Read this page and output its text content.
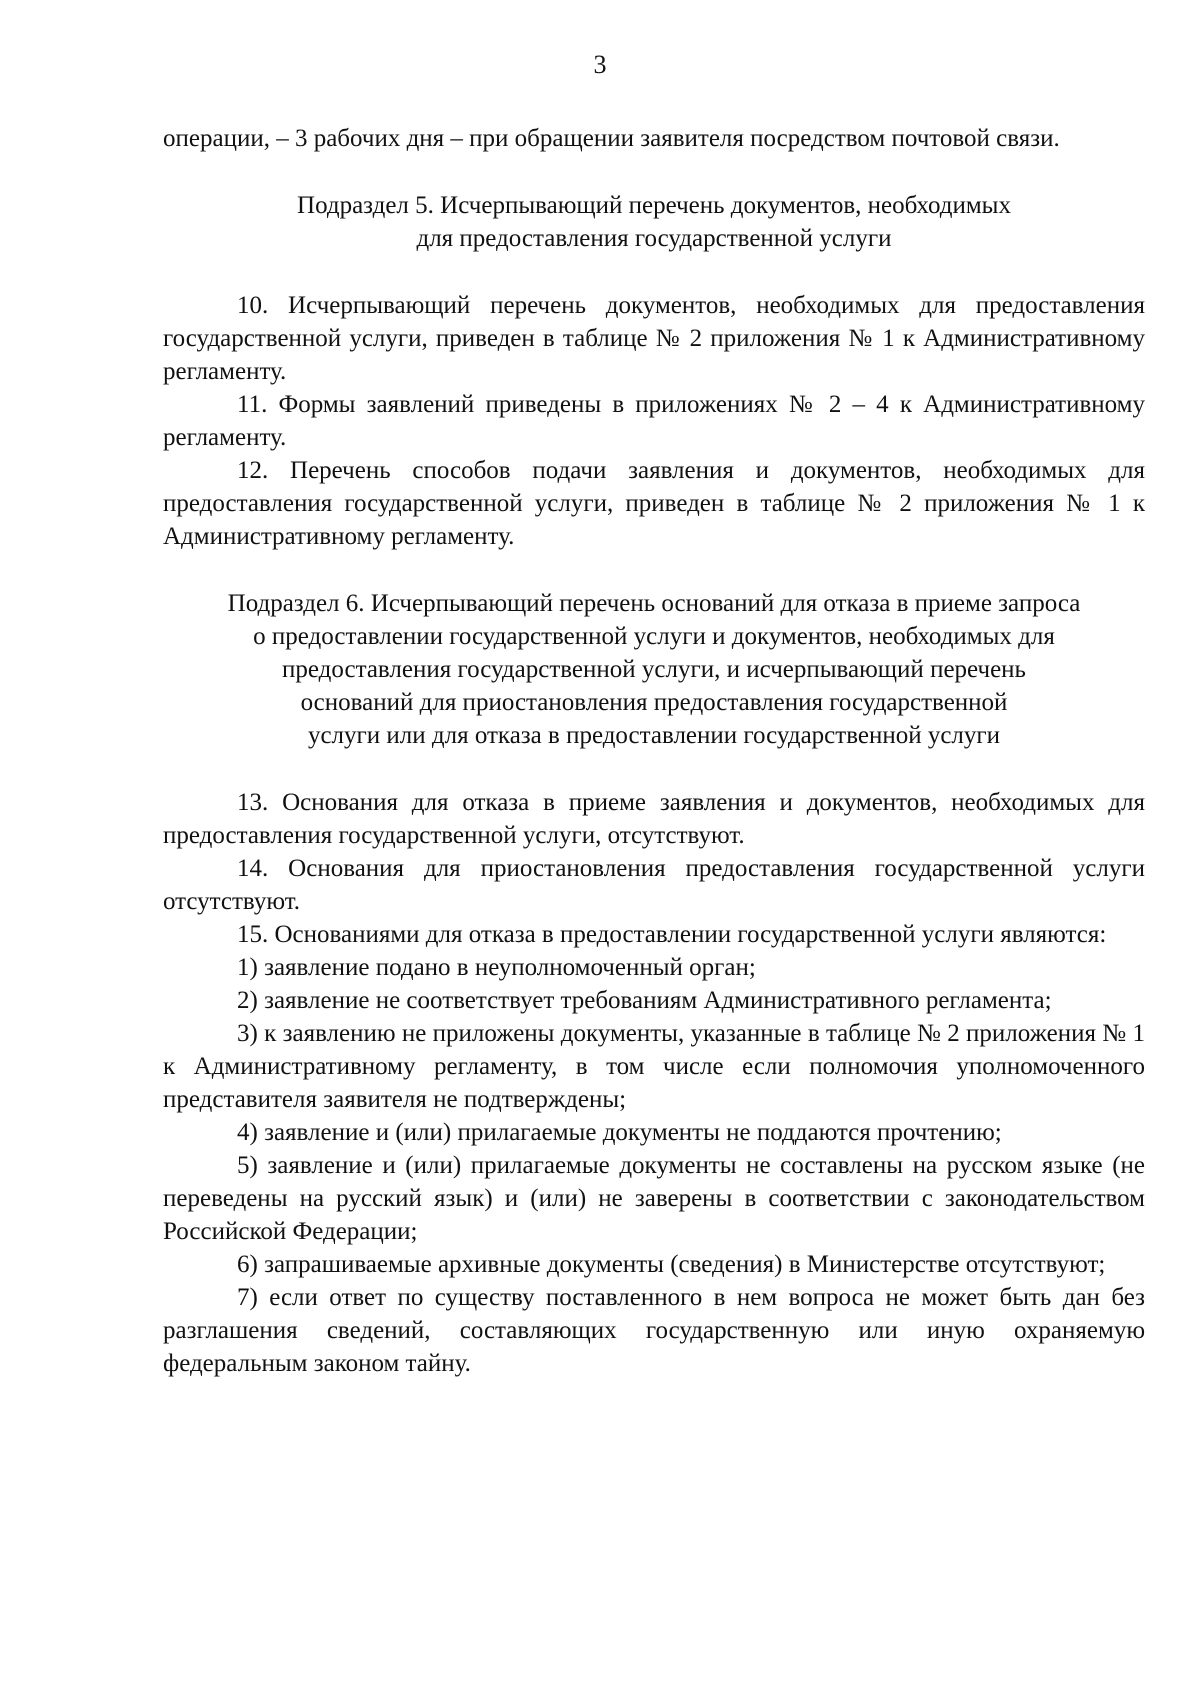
3

операции, – 3 рабочих дня – при обращении заявителя посредством почтовой связи.

Подраздел 5. Исчерпывающий перечень документов, необходимых
для предоставления государственной услуги

10. Исчерпывающий перечень документов, необходимых для предоставления государственной услуги, приведен в таблице № 2 приложения № 1 к Административному регламенту.

11. Формы заявлений приведены в приложениях № 2 – 4 к Административному регламенту.

12. Перечень способов подачи заявления и документов, необходимых для предоставления государственной услуги, приведен в таблице № 2 приложения № 1 к Административному регламенту.

Подраздел 6. Исчерпывающий перечень оснований для отказа в приеме запроса
о предоставлении государственной услуги и документов, необходимых для
предоставления государственной услуги, и исчерпывающий перечень
оснований для приостановления предоставления государственной
услуги или для отказа в предоставлении государственной услуги

13. Основания для отказа в приеме заявления и документов, необходимых для предоставления государственной услуги, отсутствуют.

14. Основания для приостановления предоставления государственной услуги отсутствуют.

15. Основаниями для отказа в предоставлении государственной услуги являются:

1) заявление подано в неуполномоченный орган;

2) заявление не соответствует требованиям Административного регламента;

3) к заявлению не приложены документы, указанные в таблице № 2 приложения № 1 к Административному регламенту, в том числе если полномочия уполномоченного представителя заявителя не подтверждены;

4) заявление и (или) прилагаемые документы не поддаются прочтению;

5) заявление и (или) прилагаемые документы не составлены на русском языке (не переведены на русский язык) и (или) не заверены в соответствии с законодательством Российской Федерации;

6) запрашиваемые архивные документы (сведения) в Министерстве отсутствуют;

7) если ответ по существу поставленного в нем вопроса не может быть дан без разглашения сведений, составляющих государственную или иную охраняемую федеральным законом тайну.
